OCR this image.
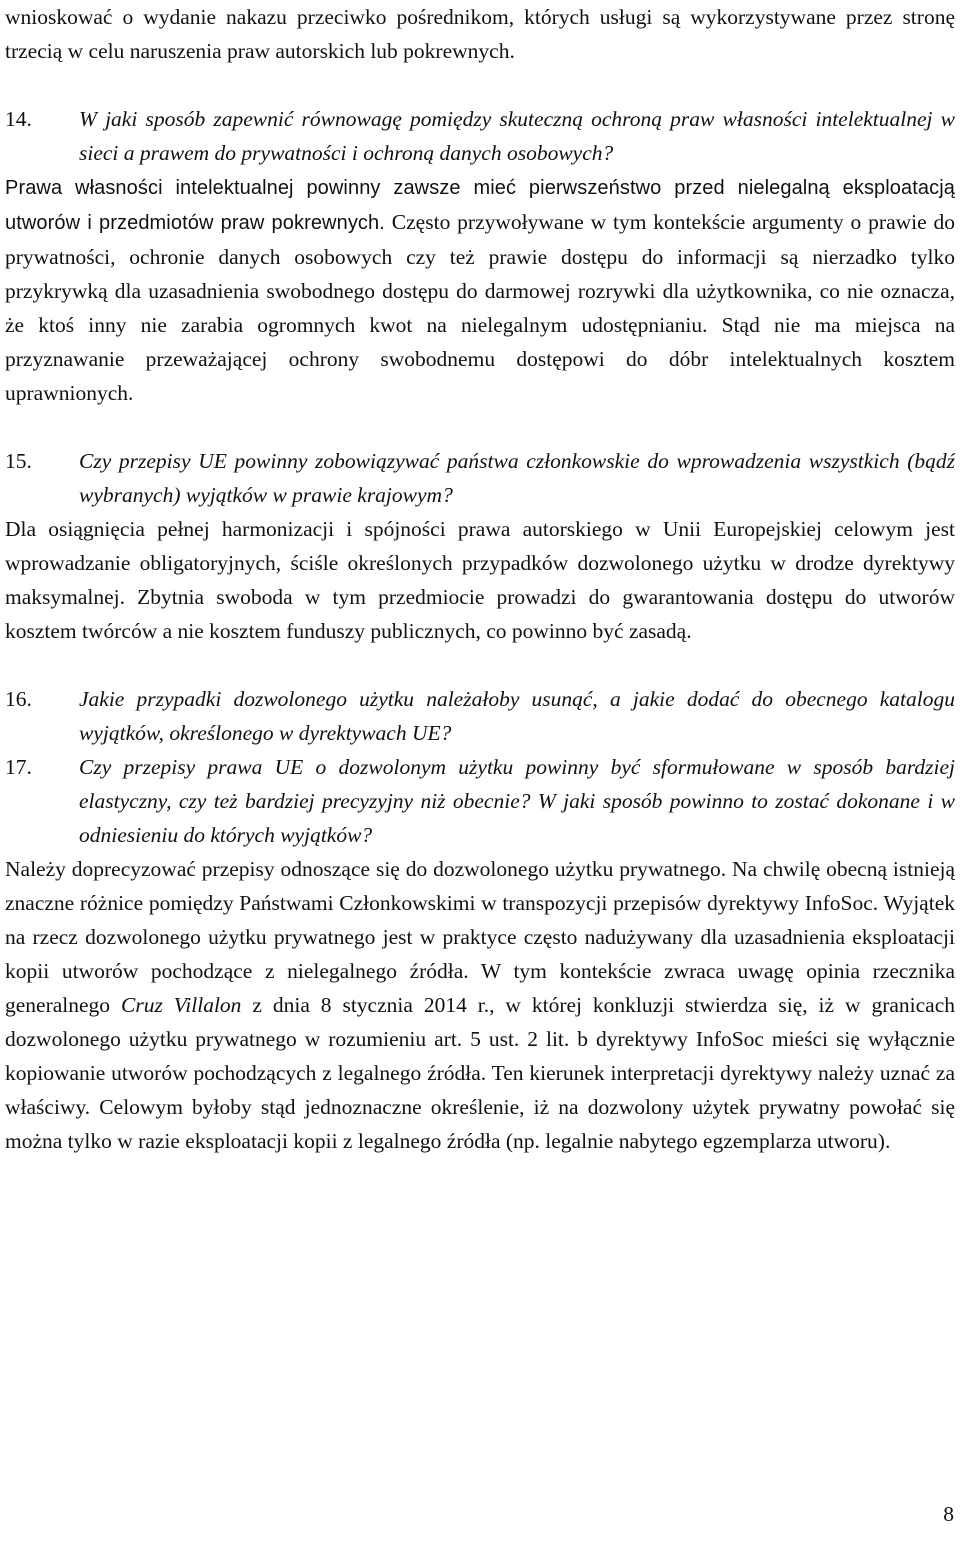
wnioskować o wydanie nakazu przeciwko pośrednikom, których usługi są wykorzystywane przez stronę trzecią w celu naruszenia praw autorskich lub pokrewnych.

14.	W jaki sposób zapewnić równowagę pomiędzy skuteczną ochroną praw własności intelektualnej w sieci a prawem do prywatności i ochroną danych osobowych?

Prawa własności intelektualnej powinny zawsze mieć pierwszeństwo przed nielegalną eksploatacją utworów i przedmiotów praw pokrewnych. Często przywoływane w tym kontekście argumenty o prawie do prywatności, ochronie danych osobowych czy też prawie dostępu do informacji są nierzadko tylko przykrywką dla uzasadnienia swobodnego dostępu do darmowej rozrywki dla użytkownika, co nie oznacza, że ktoś inny nie zarabia ogromnych kwot na nielegalnym udostępnianiu. Stąd nie ma miejsca na przyznawanie przeważającej ochrony swobodnemu dostępowi do dóbr intelektualnych kosztem uprawnionych.

15.	Czy przepisy UE powinny zobowiązywać państwa członkowskie do wprowadzenia wszystkich (bądź wybranych) wyjątków w prawie krajowym?

Dla osiągnięcia pełnej harmonizacji i spójności prawa autorskiego w Unii Europejskiej celowym jest wprowadzanie obligatoryjnych, ściśle określonych przypadków dozwolonego użytku w drodze dyrektywy maksymalnej. Zbytnia swoboda w tym przedmiocie prowadzi do gwarantowania dostępu do utworów kosztem twórców a nie kosztem funduszy publicznych, co powinno być zasadą.

16.	Jakie przypadki dozwolonego użytku należałoby usunąć, a jakie dodać do obecnego katalogu wyjątków, określonego w dyrektywach UE?
17.	Czy przepisy prawa UE o dozwolonym użytku powinny być sformułowane w sposób bardziej elastyczny, czy też bardziej precyzyjny niż obecnie? W jaki sposób powinno to zostać dokonane i w odniesieniu do których wyjątków?

Należy doprecyzować przepisy odnoszące się do dozwolonego użytku prywatnego. Na chwilę obecną istnieją znaczne różnice pomiędzy Państwami Członkowskimi w transpozycji przepisów dyrektywy InfoSoc. Wyjątek na rzecz dozwolonego użytku prywatnego jest w praktyce często nadużywany dla uzasadnienia eksploatacji kopii utworów pochodzące z nielegalnego źródła. W tym kontekście zwraca uwagę opinia rzecznika generalnego Cruz Villalon z dnia 8 stycznia 2014 r., w której konkluzji stwierdza się, iż w granicach dozwolonego użytku prywatnego w rozumieniu art. 5 ust. 2 lit. b dyrektywy InfoSoc mieści się wyłącznie kopiowanie utworów pochodzących z legalnego źródła. Ten kierunek interpretacji dyrektywy należy uznać za właściwy. Celowym byłoby stąd jednoznaczne określenie, iż na dozwolony użytek prywatny powołać się można tylko w razie eksploatacji kopii z legalnego źródła (np. legalnie nabytego egzemplarza utworu).

8
